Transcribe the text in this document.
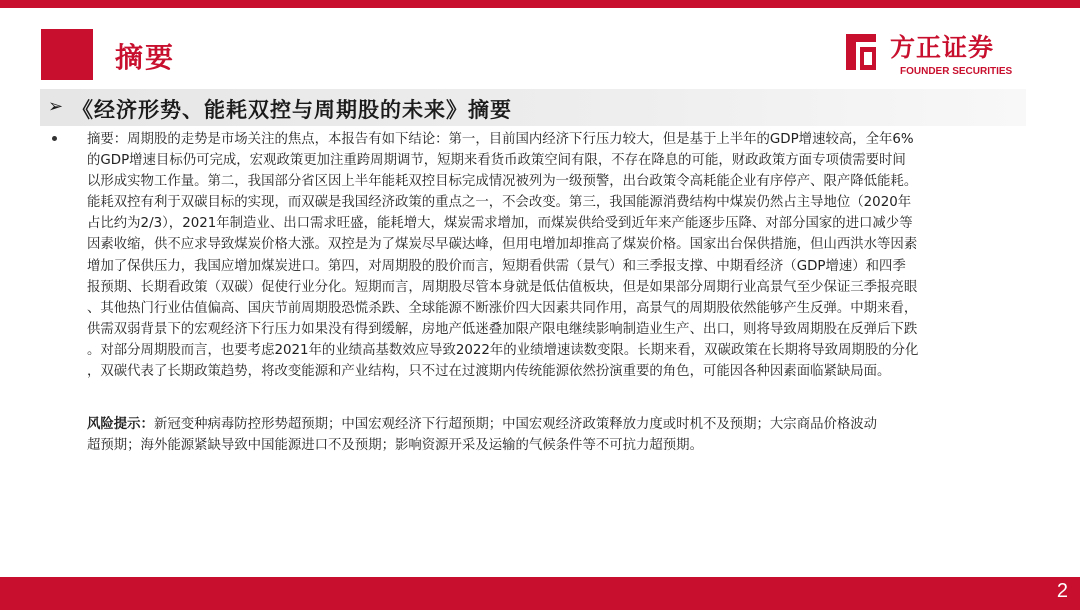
摘要	方正证券
FOUNDER SECURITIES
➢ 《经济形势、能耗双控与周期股的未来》摘要
摘要：周期股的走势是市场关注的焦点，本报告有如下结论：第一，目前国内经济下行压力较大，但是基于上半年的GDP增速较高，全年6%
的GDP增速目标仍可完成，宏观政策更加注重跨周期调节，短期来看货币政策空间有限，不存在降息的可能，财政政策方面专项债需要时间
以形成实物工作量。第二，我国部分省区因上半年能耗双控目标完成情况被列为一级预警，出台政策令高耗能企业有序停产、限产降低能耗。
能耗双控有利于双碳目标的实现，而双碳是我国经济政策的重点之一，不会改变。第三，我国能源消费结构中煤炭仍然占主导地位（2020年
占比约为2/3），2021年制造业、出口需求旺盛，能耗增大，煤炭需求增加，而煤炭供给受到近年来产能逐步压降、对部分国家的进口减少等
因素收缩，供不应求导致煤炭价格大涨。双控是为了煤炭尽早碳达峰，但用电增加却推高了煤炭价格。国家出台保供措施，但山西洪水等因素
增加了保供压力，我国应增加煤炭进口。第四，对周期股的股价而言，短期看供需（景气）和三季报支撑、中期看经济（GDP增速）和四季
报预期、长期看政策（双碳）促使行业分化。短期而言，周期股尽管本身就是低估值板块，但是如果部分周期行业高景气至少保证三季报亮眼
、其他热门行业估值偏高、国庆节前周期股恐慌杀跌、全球能源不断涨价四大因素共同作用，高景气的周期股依然能够产生反弹。中期来看，
供需双弱背景下的宏观经济下行压力如果没有得到缓解，房地产低迷叠加限产限电继续影响制造业生产、出口，则将导致周期股在反弹后下跌
。对部分周期股而言，也要考虑2021年的业绩高基数效应导致2022年的业绩增速读数变限。长期来看，双碳政策在长期将导致周期股的分化
，双碳代表了长期政策趋势，将改变能源和产业结构，只不过在过渡期内传统能源依然扮演重要的角色，可能因各种因素面临紧缺局面。
风险提示：新冠变种病毒防控形势超预期；中国宏观经济下行超预期；中国宏观经济政策释放力度或时机不及预期；大宗商品价格波动
超预期；海外能源紧缺导致中国能源进口不及预期；影响资源开采及运输的气候条件等不可抗力超预期。
2
